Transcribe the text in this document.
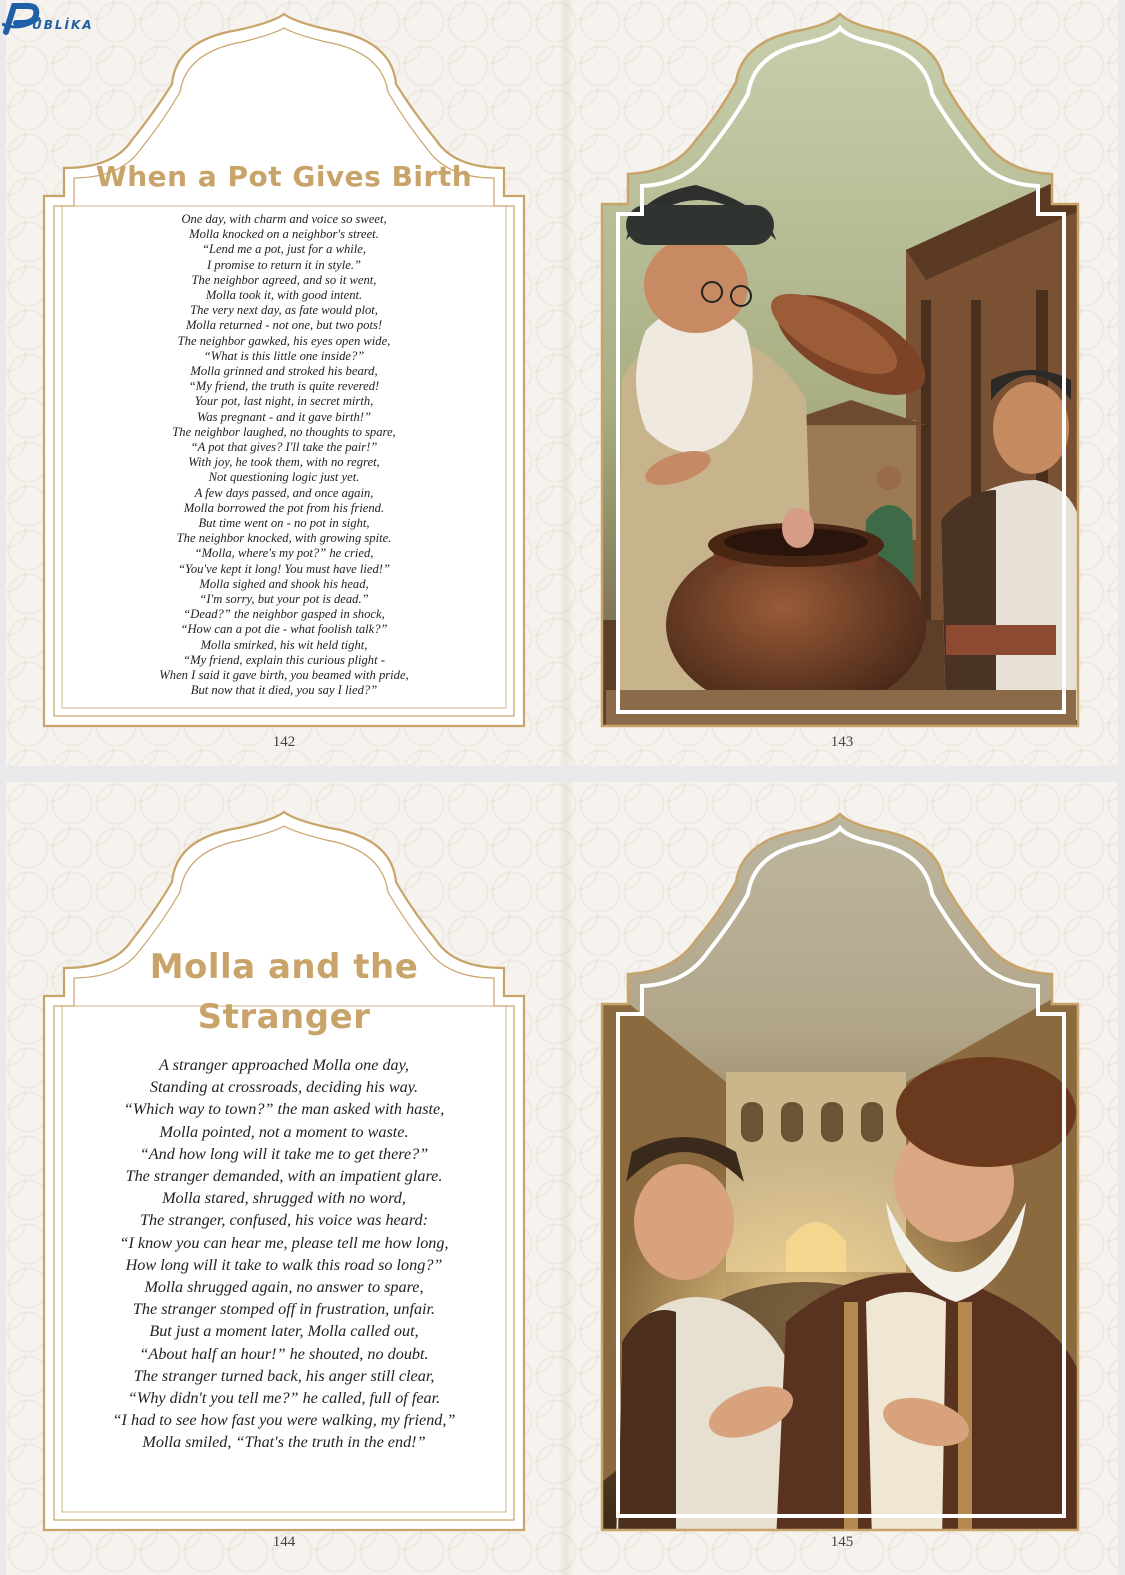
UBLİKA
When a Pot Gives Birth
One day, with charm and voice so sweet,
Molla knocked on a neighbor's street.
“Lend me a pot, just for a while,
I promise to return it in style.”
The neighbor agreed, and so it went,
Molla took it, with good intent.
The very next day, as fate would plot,
Molla returned - not one, but two pots!
The neighbor gawked, his eyes open wide,
“What is this little one inside?”
Molla grinned and stroked his beard,
“My friend, the truth is quite revered!
Your pot, last night, in secret mirth,
Was pregnant - and it gave birth!”
The neighbor laughed, no thoughts to spare,
“A pot that gives? I'll take the pair!”
With joy, he took them, with no regret,
Not questioning logic just yet.
A few days passed, and once again,
Molla borrowed the pot from his friend.
But time went on - no pot in sight,
The neighbor knocked, with growing spite.
“Molla, where's my pot?” he cried,
“You've kept it long! You must have lied!”
Molla sighed and shook his head,
“I'm sorry, but your pot is dead.”
“Dead?” the neighbor gasped in shock,
“How can a pot die - what foolish talk?”
Molla smirked, his wit held tight,
“My friend, explain this curious plight -
When I said it gave birth, you beamed with pride,
But now that it died, you say I lied?”
142	143
Molla and the
Stranger
A stranger approached Molla one day,
Standing at crossroads, deciding his way.
“Which way to town?” the man asked with haste,
Molla pointed, not a moment to waste.
“And how long will it take me to get there?”
The stranger demanded, with an impatient glare.
Molla stared, shrugged with no word,
The stranger, confused, his voice was heard:
“I know you can hear me, please tell me how long,
How long will it take to walk this road so long?”
Molla shrugged again, no answer to spare,
The stranger stomped off in frustration, unfair.
But just a moment later, Molla called out,
“About half an hour!” he shouted, no doubt.
The stranger turned back, his anger still clear,
“Why didn't you tell me?” he called, full of fear.
“I had to see how fast you were walking, my friend,”
Molla smiled, “That's the truth in the end!”
144	145
